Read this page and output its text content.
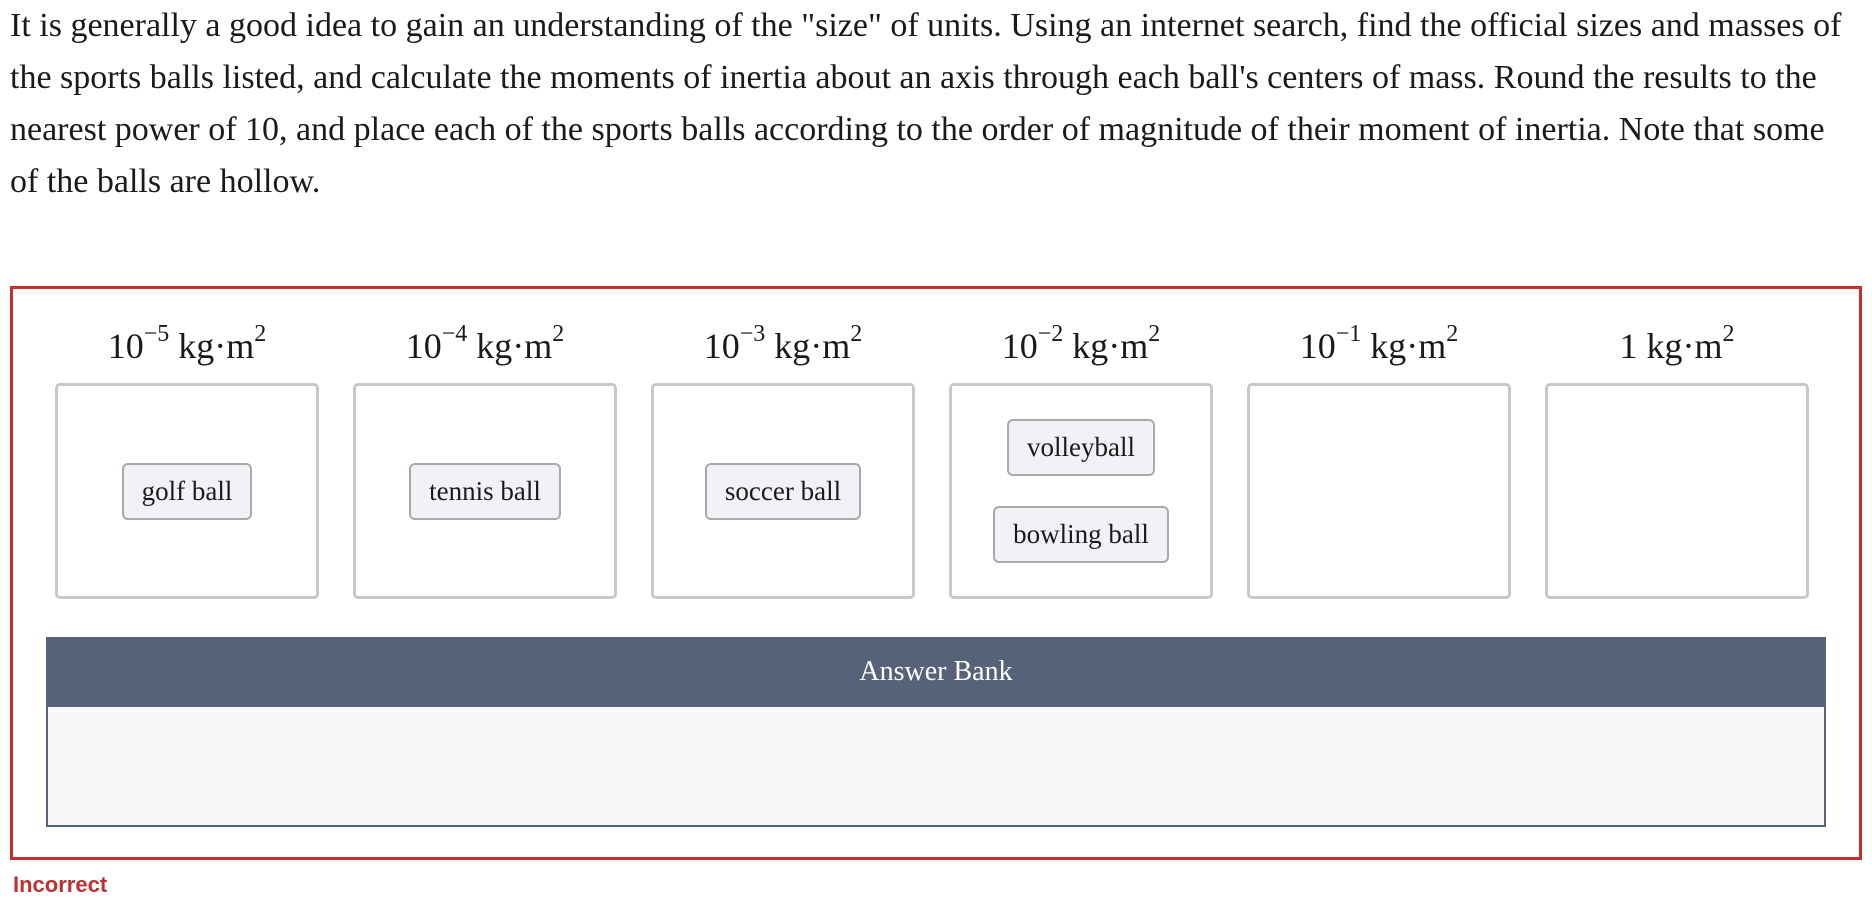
It is generally a good idea to gain an understanding of the "size" of units. Using an internet search, find the official sizes and masses of the sports balls listed, and calculate the moments of inertia about an axis through each ball's centers of mass. Round the results to the nearest power of 10, and place each of the sports balls according to the order of magnitude of their moment of inertia. Note that some of the balls are hollow.

$10^{-5}$ $kg\cdot m^2$
golf ball
$10^{-4}$ $kg\cdot m^2$
tennis ball
$10^{-3}$ $kg\cdot m^2$
soccer ball
$10^{-2}$ $kg\cdot m^2$
volleyball
bowling ball
$10^{-1}$ $kg\cdot m^2$	1 $kg\cdot m^2$
Answer Bank
Incorrect
